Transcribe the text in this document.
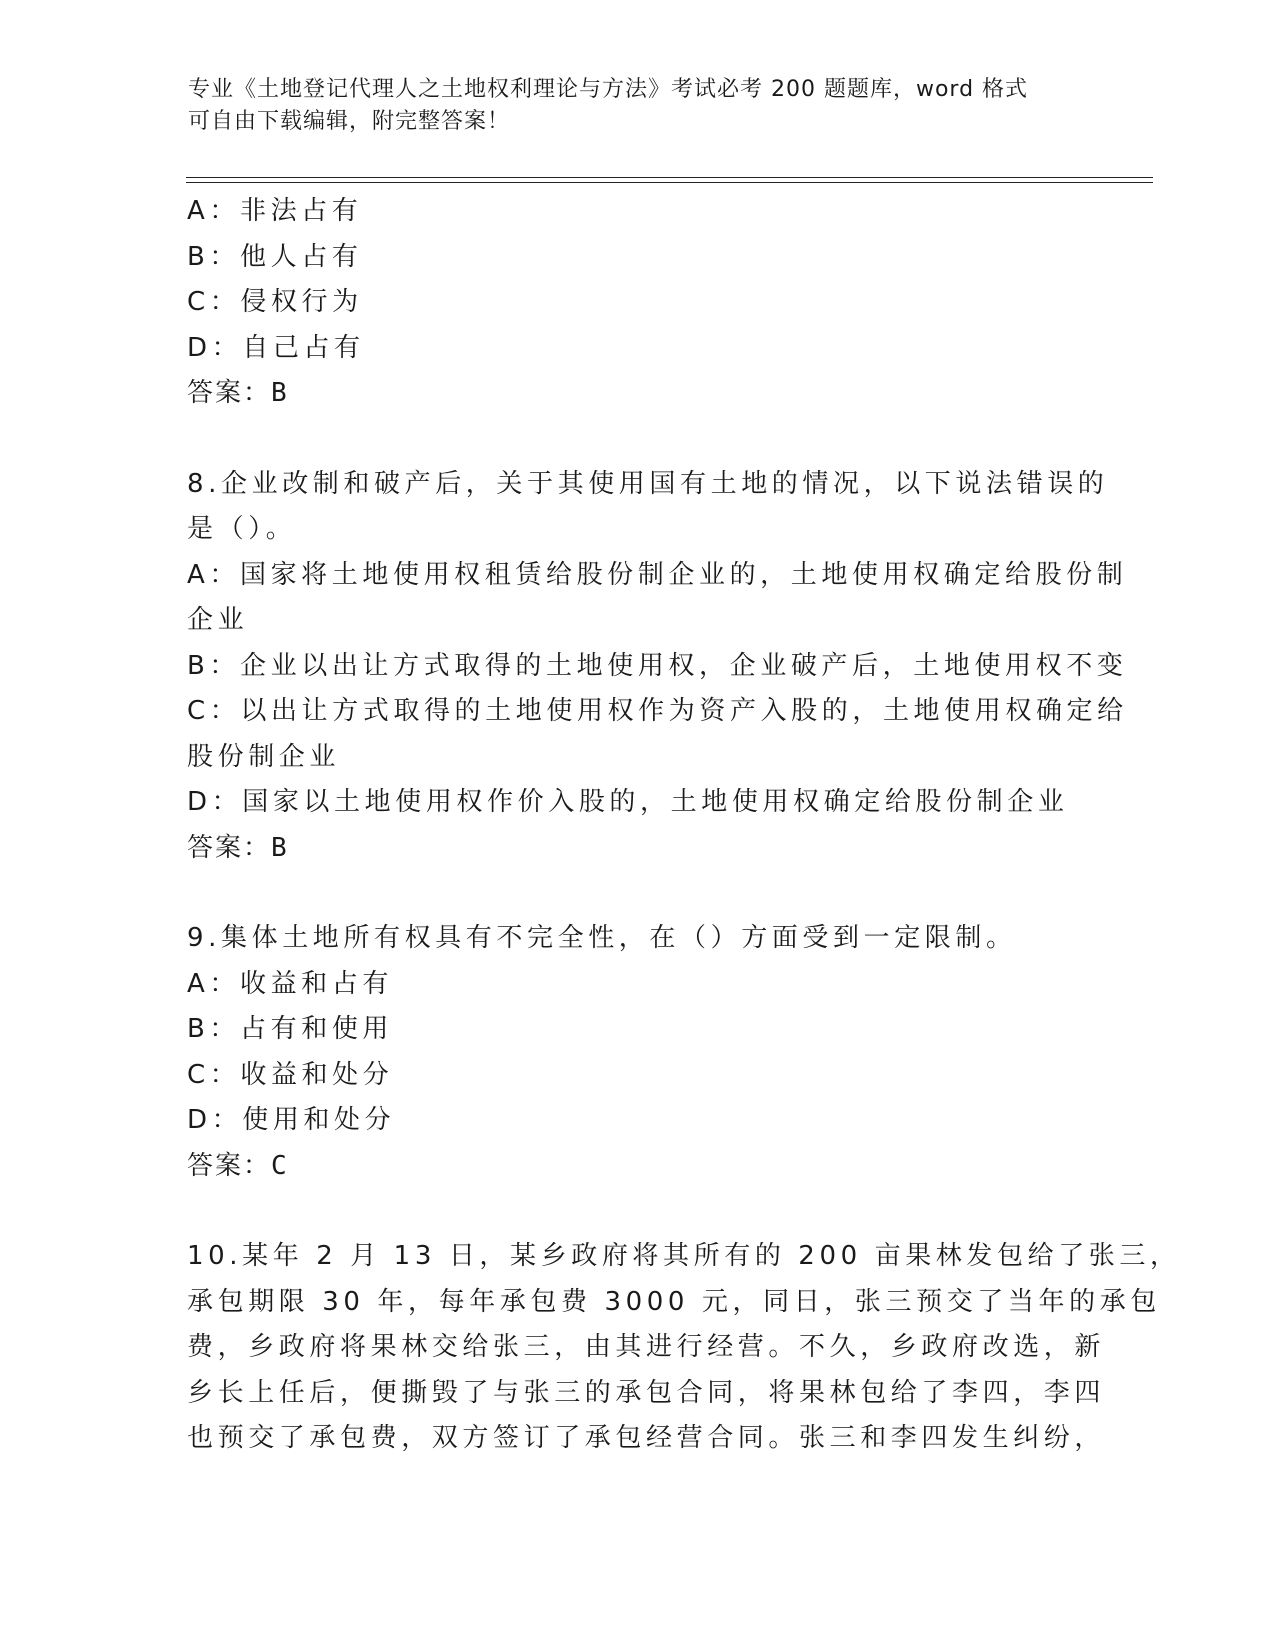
专业《土地登记代理人之土地权利理论与方法》考试必考 200 题题库，word 格式
可自由下载编辑，附完整答案！
A：非法占有
B：他人占有
C：侵权行为
D：自己占有
答案：B
8.企业改制和破产后，关于其使用国有土地的情况，以下说法错误的
是（）。
A：国家将土地使用权租赁给股份制企业的，土地使用权确定给股份制
企业
B：企业以出让方式取得的土地使用权，企业破产后，土地使用权不变
C：以出让方式取得的土地使用权作为资产入股的，土地使用权确定给
股份制企业
D：国家以土地使用权作价入股的，土地使用权确定给股份制企业
答案：B
9.集体土地所有权具有不完全性，在（）方面受到一定限制。
A：收益和占有
B：占有和使用
C：收益和处分
D：使用和处分
答案：C
10.某年 2 月 13 日，某乡政府将其所有的 200 亩果林发包给了张三，
承包期限 30 年，每年承包费 3000 元，同日，张三预交了当年的承包
费，乡政府将果林交给张三，由其进行经营。不久，乡政府改选，新
乡长上任后，便撕毁了与张三的承包合同，将果林包给了李四，李四
也预交了承包费，双方签订了承包经营合同。张三和李四发生纠纷，
